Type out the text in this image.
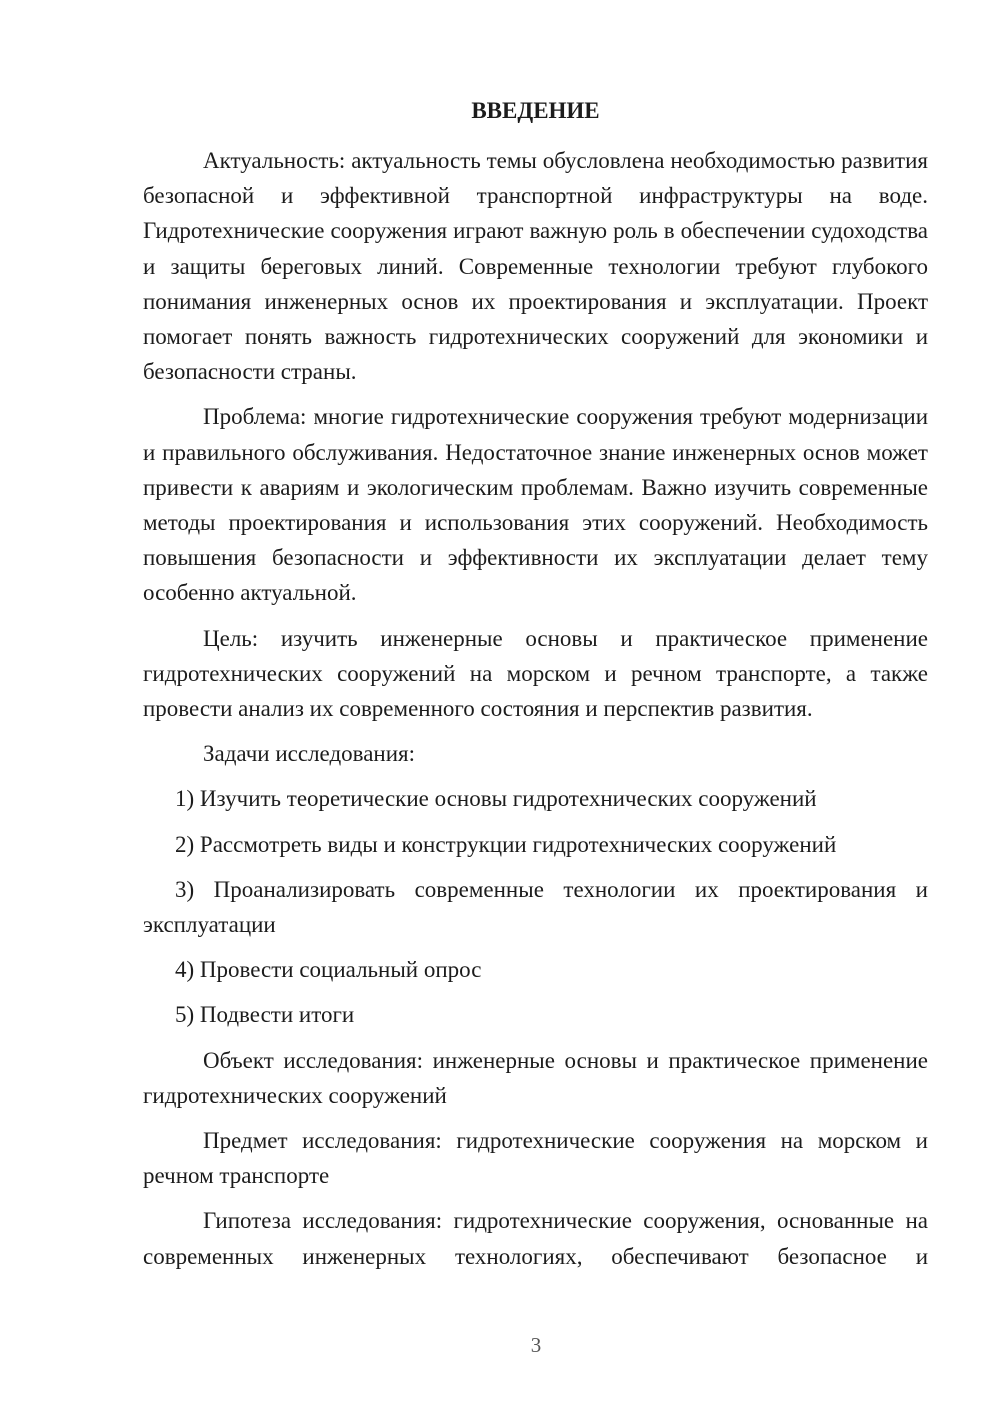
ВВЕДЕНИЕ
Актуальность: актуальность темы обусловлена необходимостью развития безопасной и эффективной транспортной инфраструктуры на воде. Гидротехнические сооружения играют важную роль в обеспечении судоходства и защиты береговых линий. Современные технологии требуют глубокого понимания инженерных основ их проектирования и эксплуатации. Проект помогает понять важность гидротехнических сооружений для экономики и безопасности страны.
Проблема: многие гидротехнические сооружения требуют модернизации и правильного обслуживания. Недостаточное знание инженерных основ может привести к авариям и экологическим проблемам. Важно изучить современные методы проектирования и использования этих сооружений. Необходимость повышения безопасности и эффективности их эксплуатации делает тему особенно актуальной.
Цель: изучить инженерные основы и практическое применение гидротехнических сооружений на морском и речном транспорте, а также провести анализ их современного состояния и перспектив развития.
Задачи исследования:
1) Изучить теоретические основы гидротехнических сооружений
2) Рассмотреть виды и конструкции гидротехнических сооружений
3) Проанализировать современные технологии их проектирования и эксплуатации
4) Провести социальный опрос
5) Подвести итоги
Объект исследования: инженерные основы и практическое применение гидротехнических сооружений
Предмет исследования: гидротехнические сооружения на морском и речном транспорте
Гипотеза исследования: гидротехнические сооружения, основанные на современных инженерных технологиях, обеспечивают безопасное и
3
